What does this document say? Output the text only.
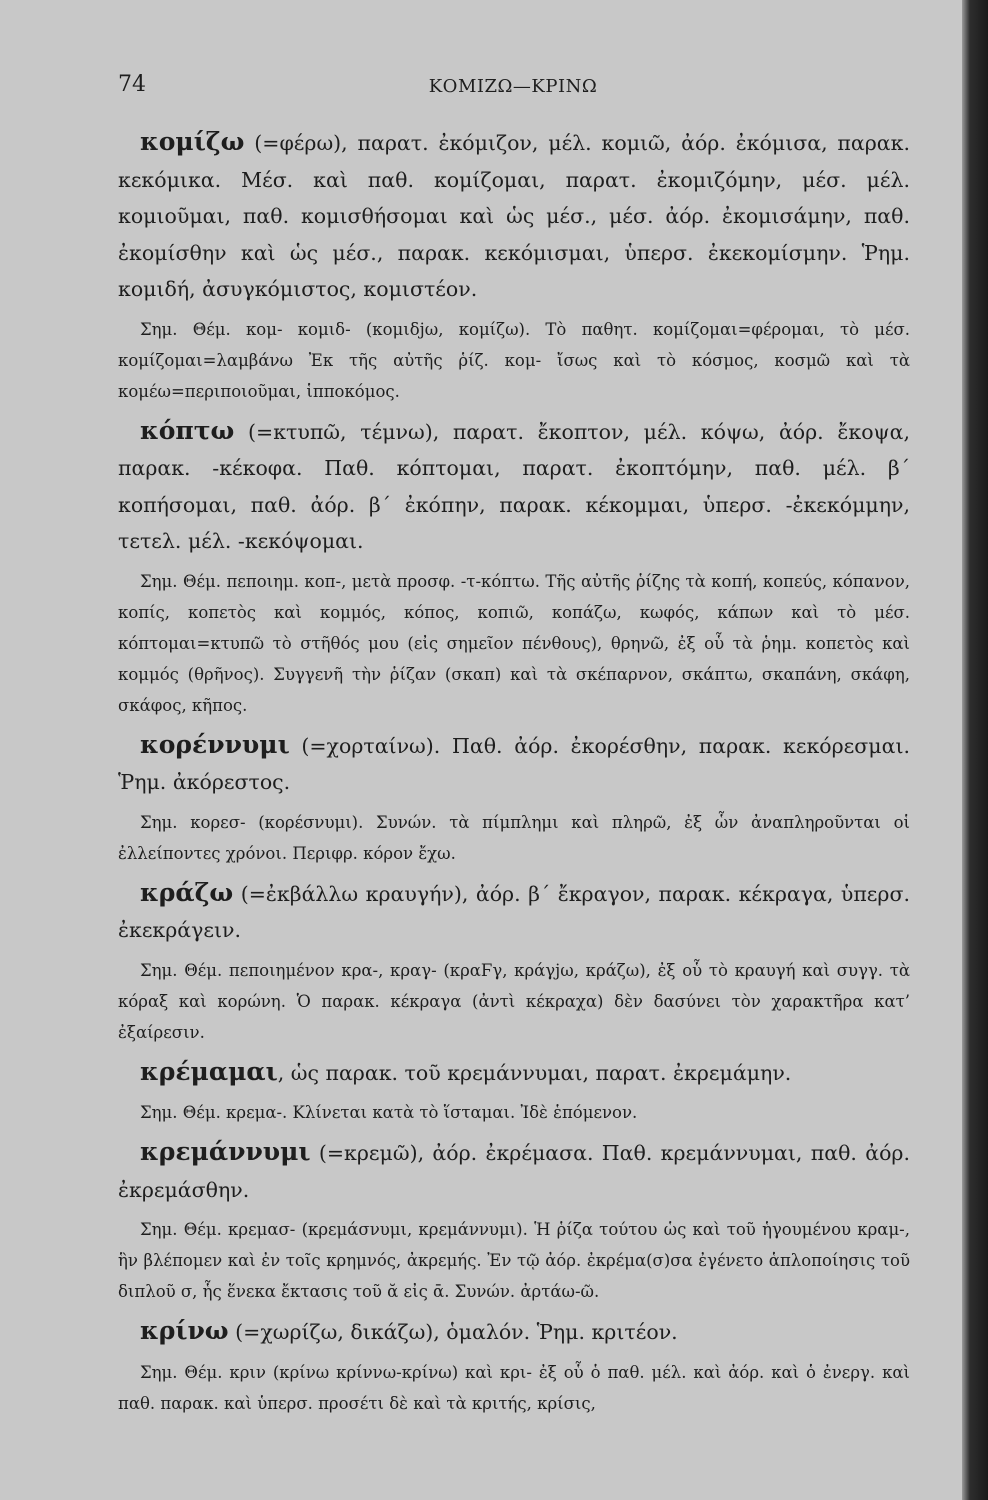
74	ΚΟΜΙΖΩ—ΚΡΙΝΩ

κομίζω (=φέρω), παρατ. ἐκόμιζον, μέλ. κομιῶ, ἀόρ. ἐκόμισα, παρακ. κεκόμικα. Μέσ. καὶ παθ. κομίζομαι, παρατ. ἐκομιζόμην, μέσ. μέλ. κομιοῦμαι, παθ. κομισθήσομαι καὶ ὡς μέσ., μέσ. ἀόρ. ἐκομισάμην, παθ. ἐκομίσθην καὶ ὡς μέσ., παρακ. κεκόμισμαι, ὑπερσ. ἐκεκομίσμην. Ῥημ. κομιδή, ἀσυγκόμιστος, κομιστέον.

Σημ. Θέμ. κομ- κομιδ- (κομιδjω, κομίζω). Τὸ παθητ. κομίζομαι=φέρομαι, τὸ μέσ. κομίζομαι=λαμβάνω Ἐκ τῆς αὐτῆς ῥίζ. κομ- ἴσως καὶ τὸ κόσμος, κοσμῶ καὶ τὰ κομέω=περιποιοῦμαι, ἱπποκόμος.

κόπτω (=κτυπῶ, τέμνω), παρατ. ἔκοπτον, μέλ. κόψω, ἀόρ. ἔκοψα, παρακ. -κέκοφα. Παθ. κόπτομαι, παρατ. ἐκοπτόμην, παθ. μέλ. β΄ κοπήσομαι, παθ. ἀόρ. β΄ ἐκόπην, παρακ. κέκομμαι, ὑπερσ. -ἐκεκόμμην, τετελ. μέλ. -κεκόψομαι.

Σημ. Θέμ. πεποιημ. κοπ-, μετὰ προσφ. -τ-κόπτω. Τῆς αὐτῆς ῥίζης τὰ κοπή, κοπεύς, κόπανον, κοπίς, κοπετὸς καὶ κομμός, κόπος, κοπιῶ, κοπάζω, κωφός, κάπων καὶ τὸ μέσ. κόπτομαι=κτυπῶ τὸ στῆθός μου (εἰς σημεῖον πένθους), θρηνῶ, ἐξ οὗ τὰ ῥημ. κοπετὸς καὶ κομμός (θρῆνος). Συγγενῆ τὴν ῥίζαν (σκαπ) καὶ τὰ σκέπαρνον, σκάπτω, σκαπάνη, σκάφη, σκάφος, κῆπος.

κορέννυμι (=χορταίνω). Παθ. ἀόρ. ἐκορέσθην, παρακ. κεκόρεσμαι. Ῥημ. ἀκόρεστος.

Σημ. κορεσ- (κορέσνυμι). Συνών. τὰ πίμπλημι καὶ πληρῶ, ἐξ ὧν ἀναπληροῦνται οἱ ἐλλείποντες χρόνοι. Περιφρ. κόρον ἔχω.

κράζω (=ἐκβάλλω κραυγήν), ἀόρ. β΄ ἔκραγον, παρακ. κέκραγα, ὑπερσ. ἐκεκράγειν.

Σημ. Θέμ. πεποιημένον κρα-, κραγ- (κραϜγ, κράγjω, κράζω), ἐξ οὗ τὸ κραυγή καὶ συγγ. τὰ κόραξ καὶ κορώνη. Ὁ παρακ. κέκραγα (ἀντὶ κέκραχα) δὲν δασύνει τὸν χαρακτῆρα κατ’ ἐξαίρεσιν.

κρέμαμαι, ὡς παρακ. τοῦ κρεμάννυμαι, παρατ. ἐκρεμάμην.

Σημ. Θέμ. κρεμα-. Κλίνεται κατὰ τὸ ἵσταμαι. Ἰδὲ ἑπόμενον.

κρεμάννυμι (=κρεμῶ), ἀόρ. ἐκρέμασα. Παθ. κρεμάννυμαι, παθ. ἀόρ. ἐκρεμάσθην.

Σημ. Θέμ. κρεμασ- (κρεμάσνυμι, κρεμάννυμι). Ἡ ῥίζα τούτου ὡς καὶ τοῦ ἡγουμένου κραμ-, ἣν βλέπομεν καὶ ἐν τοῖς κρημνός, ἀκρεμής. Ἐν τῷ ἀόρ. ἐκρέμα(σ)σα ἐγένετο ἁπλοποίησις τοῦ διπλοῦ σ, ἧς ἕνεκα ἔκτασις τοῦ ᾰ εἰς ᾱ. Συνών. ἀρτάω-ῶ.

κρίνω (=χωρίζω, δικάζω), ὁμαλόν. Ῥημ. κριτέον.

Σημ. Θέμ. κριν (κρίνω κρίννω-κρίνω) καὶ κρι- ἐξ οὗ ὁ παθ. μέλ. καὶ ἀόρ. καὶ ὁ ἐνεργ. καὶ παθ. παρακ. καὶ ὑπερσ. προσέτι δὲ καὶ τὰ κριτής, κρίσις,
